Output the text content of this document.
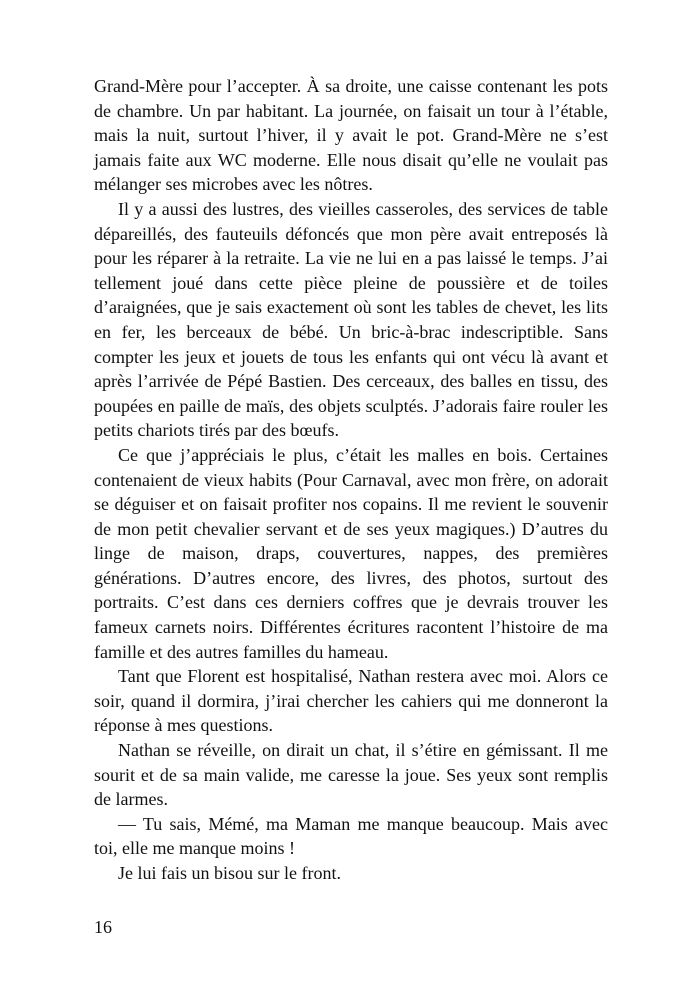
Grand-Mère pour l’accepter. À sa droite, une caisse contenant les pots de chambre. Un par habitant. La journée, on faisait un tour à l’étable, mais la nuit, surtout l’hiver, il y avait le pot. Grand-Mère ne s’est jamais faite aux WC moderne. Elle nous disait qu’elle ne voulait pas mélanger ses microbes avec les nôtres.

Il y a aussi des lustres, des vieilles casseroles, des services de table dépareillés, des fauteuils défoncés que mon père avait entreposés là pour les réparer à la retraite. La vie ne lui en a pas laissé le temps. J’ai tellement joué dans cette pièce pleine de poussière et de toiles d’araignées, que je sais exactement où sont les tables de chevet, les lits en fer, les berceaux de bébé. Un bric-à-brac indescriptible. Sans compter les jeux et jouets de tous les enfants qui ont vécu là avant et après l’arrivée de Pépé Bastien. Des cerceaux, des balles en tissu, des poupées en paille de maïs, des objets sculptés. J’adorais faire rouler les petits chariots tirés par des bœufs.

Ce que j’appréciais le plus, c’était les malles en bois. Certaines contenaient de vieux habits (Pour Carnaval, avec mon frère, on adorait se déguiser et on faisait profiter nos copains. Il me revient le souvenir de mon petit chevalier servant et de ses yeux magiques.) D’autres du linge de maison, draps, couvertures, nappes, des premières générations. D’autres encore, des livres, des photos, surtout des portraits. C’est dans ces derniers coffres que je devrais trouver les fameux carnets noirs. Différentes écritures racontent l’histoire de ma famille et des autres familles du hameau.

Tant que Florent est hospitalisé, Nathan restera avec moi. Alors ce soir, quand il dormira, j’irai chercher les cahiers qui me donneront la réponse à mes questions.

Nathan se réveille, on dirait un chat, il s’étire en gémissant. Il me sourit et de sa main valide, me caresse la joue. Ses yeux sont remplis de larmes.

— Tu sais, Mémé, ma Maman me manque beaucoup. Mais avec toi, elle me manque moins !

Je lui fais un bisou sur le front.

16
